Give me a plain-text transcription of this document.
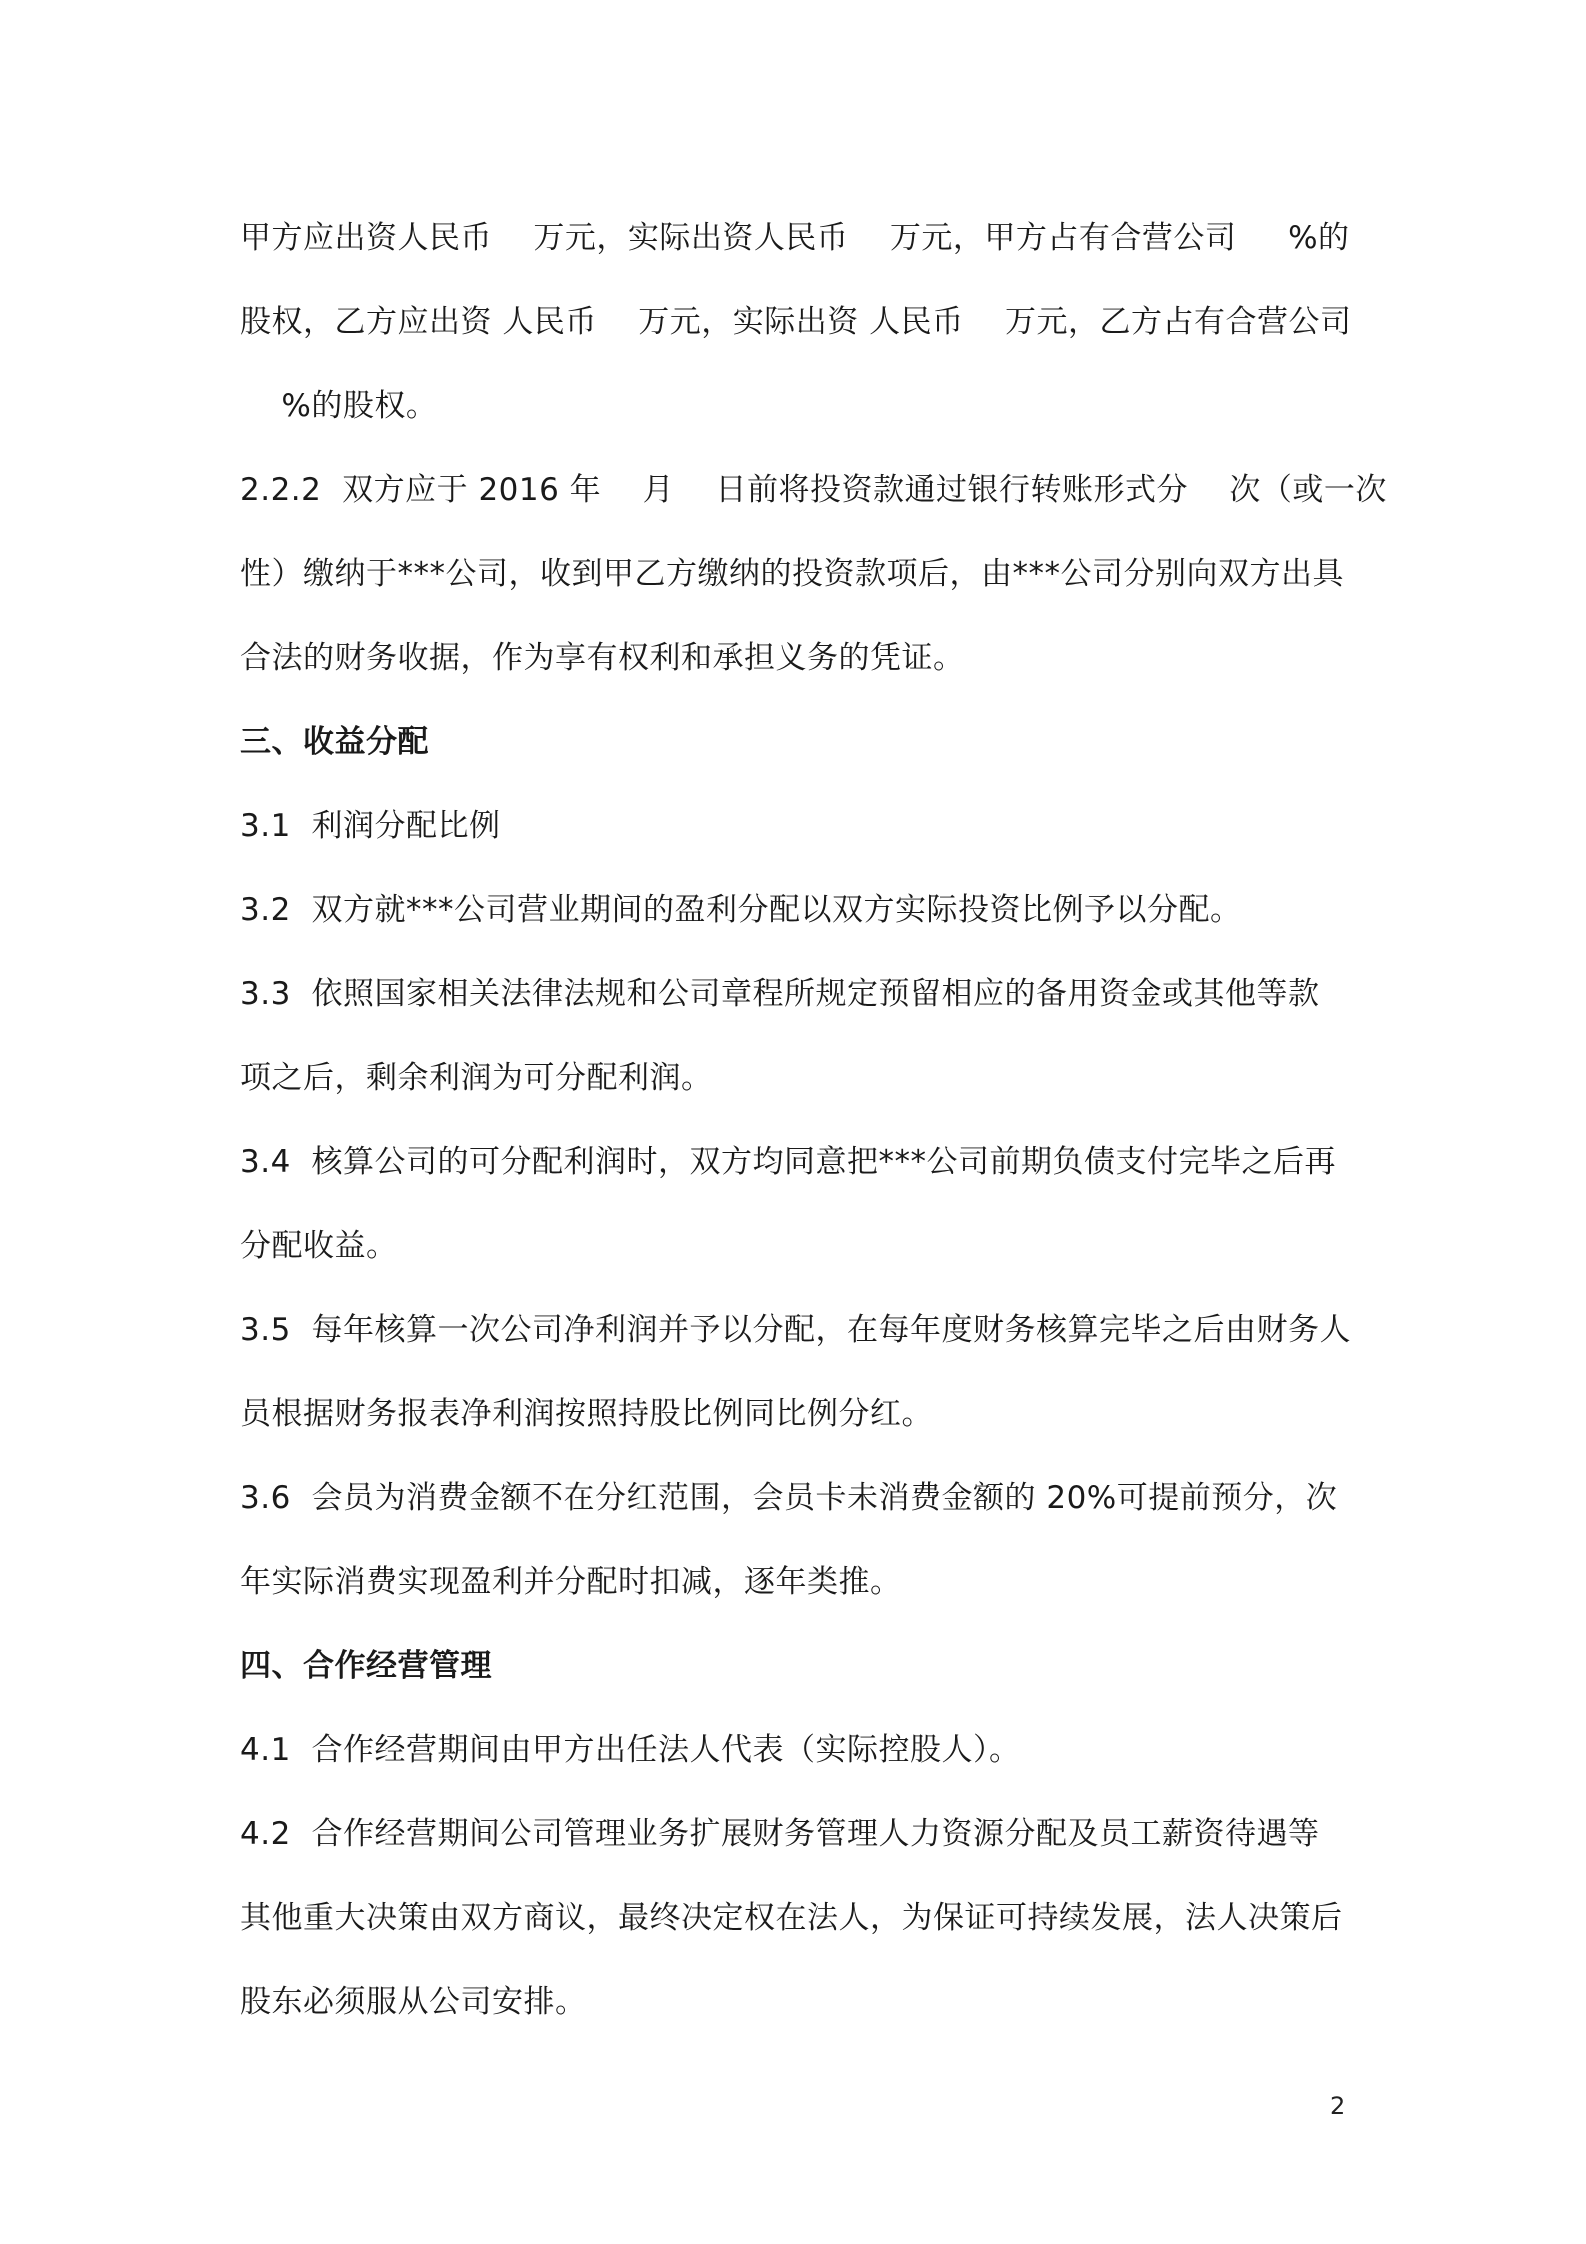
甲方应出资人民币    万元，实际出资人民币    万元，甲方占有合营公司     %的
股权，乙方应出资 人民币    万元，实际出资 人民币    万元，乙方占有合营公司
%的股权。
2.2.2  双方应于 2016 年    月    日前将投资款通过银行转账形式分    次（或一次
性）缴纳于***公司，收到甲乙方缴纳的投资款项后，由***公司分别向双方出具
合法的财务收据，作为享有权利和承担义务的凭证。
三、收益分配
3.1  利润分配比例
3.2  双方就***公司营业期间的盈利分配以双方实际投资比例予以分配。
3.3  依照国家相关法律法规和公司章程所规定预留相应的备用资金或其他等款
项之后，剩余利润为可分配利润。
3.4  核算公司的可分配利润时，双方均同意把***公司前期负债支付完毕之后再
分配收益。
3.5  每年核算一次公司净利润并予以分配，在每年度财务核算完毕之后由财务人
员根据财务报表净利润按照持股比例同比例分红。
3.6  会员为消费金额不在分红范围，会员卡未消费金额的 20%可提前预分，次
年实际消费实现盈利并分配时扣减，逐年类推。
四、合作经营管理
4.1  合作经营期间由甲方出任法人代表（实际控股人）。
4.2  合作经营期间公司管理业务扩展财务管理人力资源分配及员工薪资待遇等
其他重大决策由双方商议，最终决定权在法人，为保证可持续发展，法人决策后
股东必须服从公司安排。
2
